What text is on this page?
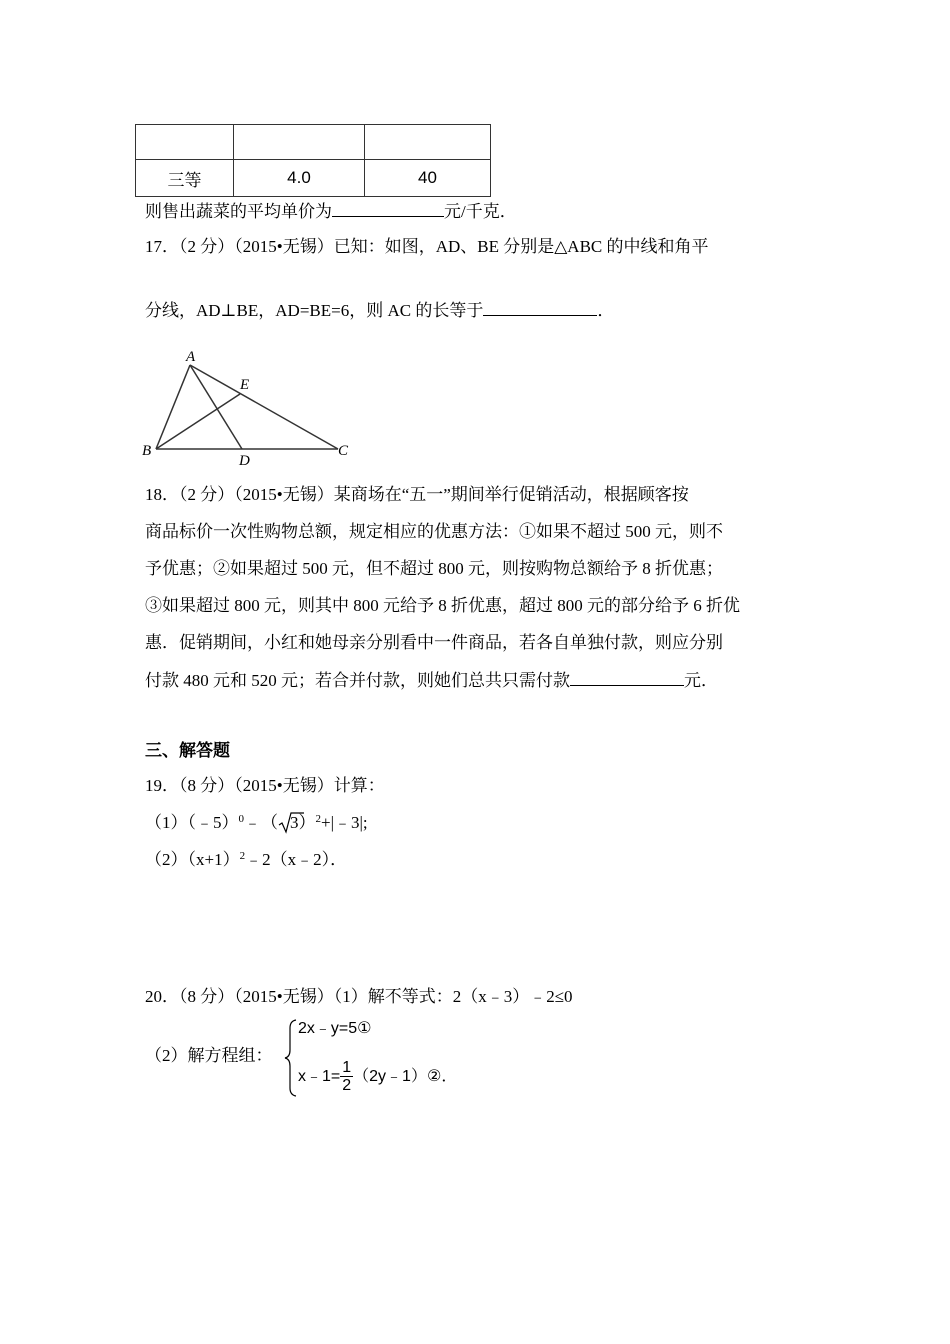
三等	4.0	40
则售出蔬菜的平均单价为	元/千克．
17．（2 分）（2015•无锡）已知：如图，AD、BE 分别是△ABC 的中线和角平
分线，AD⊥BE，AD=BE=6，则 AC 的长等于	．
A
B	C
D
E
18．（2 分）（2015•无锡）某商场在“五一”期间举行促销活动，根据顾客按
商品标价一次性购物总额，规定相应的优惠方法：①如果不超过 500 元，则不
予优惠；②如果超过 500 元，但不超过 800 元，则按购物总额给予 8 折优惠；
③如果超过 800 元，则其中 800 元给予 8 折优惠，超过 800 元的部分给予 6 折优
惠．促销期间，小红和她母亲分别看中一件商品，若各自单独付款，则应分别
付款 480 元和 520 元；若合并付款，则她们总共只需付款	元．
三、解答题
19．（8 分）（2015•无锡）计算：
（1）（﹣5）$^0$﹣（ 3）$^2$+|﹣3|;
$(2)(x+1)^2﹣2(x﹣2)$．
20．（8 分）（2015•无锡）（1）解不等式：2（x﹣3）﹣2≤0
（2）解方程组：
2x﹣y=5①
x﹣1= $\frac{1}{2}$ （2y﹣1）②．
